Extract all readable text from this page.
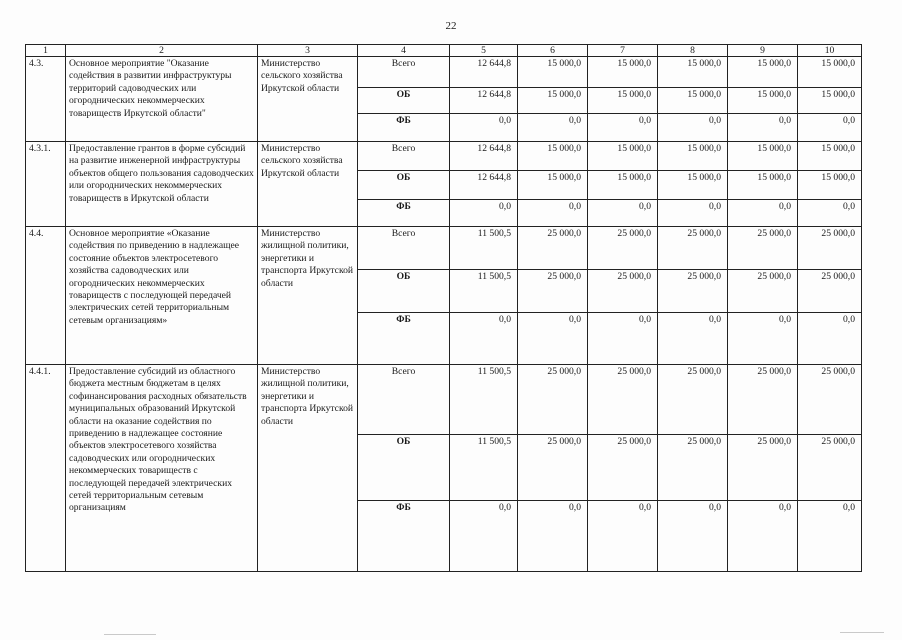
22
1	2	3	4	5	6	7	8	9	10
4.3.	Основное мероприятие "Оказание содействия в развитии инфраструктуры территорий садоводческих или огороднических некоммерческих товариществ Иркутской области"	Министерство сельского хозяйства Иркутской области	Всего	12 644,8	15 000,0	15 000,0	15 000,0	15 000,0	15 000,0
			ОБ	12 644,8	15 000,0	15 000,0	15 000,0	15 000,0	15 000,0
			ФБ	0,0	0,0	0,0	0,0	0,0	0,0
4.3.1.	Предоставление грантов в форме субсидий на развитие инженерной инфраструктуры объектов общего пользования садоводческих или огороднических некоммерческих товариществ в Иркутской области	Министерство сельского хозяйства Иркутской области	Всего	12 644,8	15 000,0	15 000,0	15 000,0	15 000,0	15 000,0
			ОБ	12 644,8	15 000,0	15 000,0	15 000,0	15 000,0	15 000,0
			ФБ	0,0	0,0	0,0	0,0	0,0	0,0
4.4.	Основное мероприятие «Оказание содействия по приведению в надлежащее состояние объектов электросетевого хозяйства садоводческих или огороднических некоммерческих товариществ с последующей передачей электрических сетей территориальным сетевым организациям»	Министерство жилищной политики, энергетики и транспорта Иркутской области	Всего	11 500,5	25 000,0	25 000,0	25 000,0	25 000,0	25 000,0
			ОБ	11 500,5	25 000,0	25 000,0	25 000,0	25 000,0	25 000,0
			ФБ	0,0	0,0	0,0	0,0	0,0	0,0
4.4.1.	Предоставление субсидий из областного бюджета местным бюджетам в целях софинансирования расходных обязательств муниципальных образований Иркутской области на оказание содействия по приведению в надлежащее состояние объектов электросетевого хозяйства садоводческих или огороднических некоммерческих товариществ с последующей передачей электрических сетей территориальным сетевым организациям	Министерство жилищной политики, энергетики и транспорта Иркутской области	Всего	11 500,5	25 000,0	25 000,0	25 000,0	25 000,0	25 000,0
			ОБ	11 500,5	25 000,0	25 000,0	25 000,0	25 000,0	25 000,0
			ФБ	0,0	0,0	0,0	0,0	0,0	0,0
